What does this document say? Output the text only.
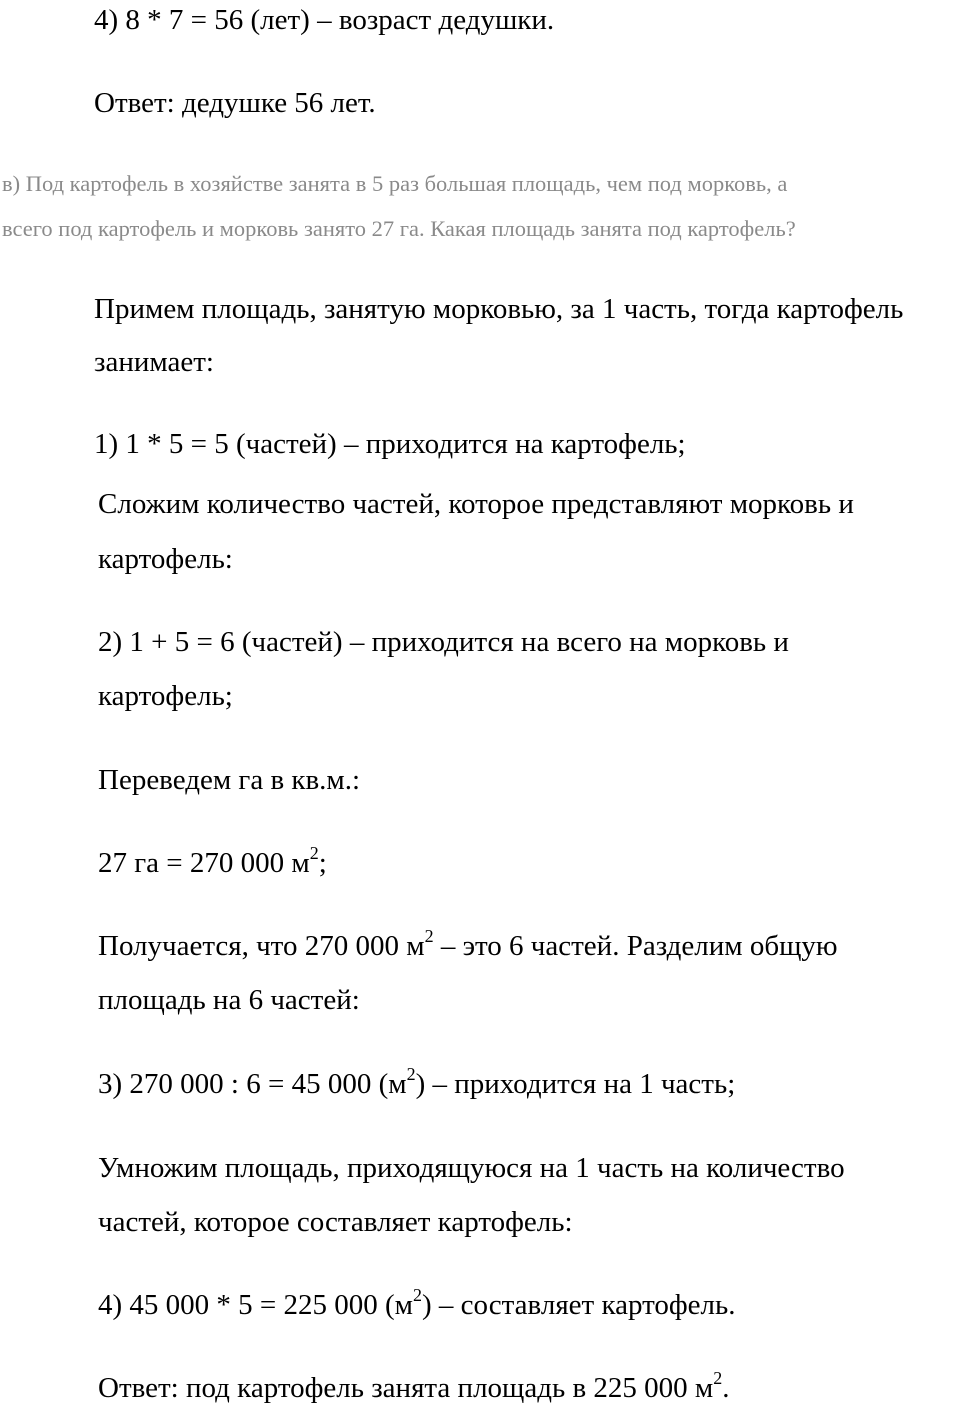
4) 8 * 7 = 56 (лет) – возраст дедушки.

Ответ: дедушке 56 лет.

в) Под картофель в хозяйстве занята в 5 раз большая площадь, чем под морковь, а

всего под картофель и морковь занято 27 га. Какая площадь занята под картофель?

Примем площадь, занятую морковью, за 1 часть, тогда картофель

занимает:

1) 1 * 5 = 5 (частей) – приходится на картофель;

Сложим количество частей, которое представляют морковь и

картофель:

2) 1 + 5 = 6 (частей) – приходится на всего на морковь и

картофель;

Переведем га в кв.м.:

27 га = 270 000 $м^2$;

Получается, что 270 000 $м^2$ – это 6 частей. Разделим общую

площадь на 6 частей:

3) 270 000 : 6 = 45 000 $(м^2)$ – приходится на 1 часть;

Умножим площадь, приходящуюся на 1 часть на количество

частей, которое составляет картофель:

4) 45 000 * 5 = 225 000 $(м^2)$ – составляет картофель.

Ответ: под картофель занята площадь в 225 000 $м^2$.
